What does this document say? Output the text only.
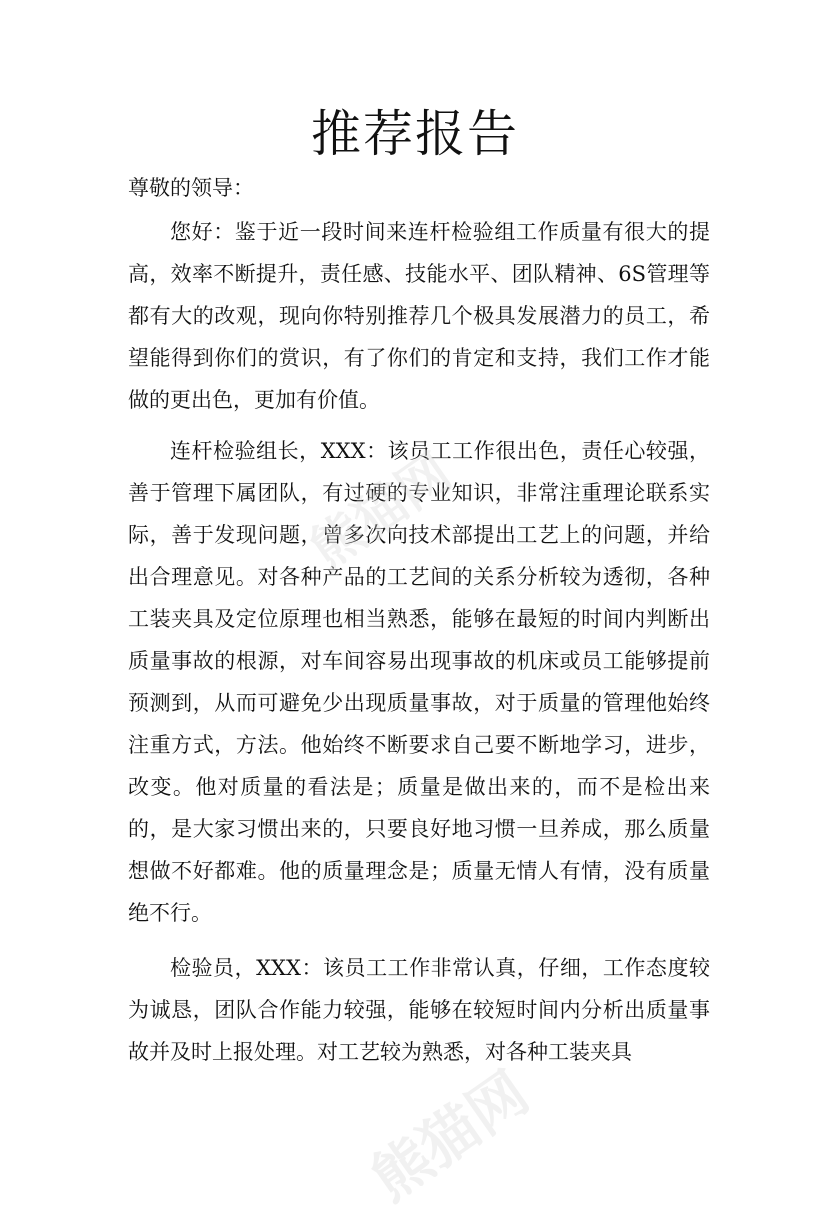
推荐报告

尊敬的领导：

您好：鉴于近一段时间来连杆检验组工作质量有很大的提高，效率不断提升，责任感、技能水平、团队精神、6S管理等都有大的改观，现向你特别推荐几个极具发展潜力的员工，希望能得到你们的赏识，有了你们的肯定和支持，我们工作才能做的更出色，更加有价值。

连杆检验组长，XXX：该员工工作很出色，责任心较强，善于管理下属团队，有过硬的专业知识，非常注重理论联系实际，善于发现问题，曾多次向技术部提出工艺上的问题，并给出合理意见。对各种产品的工艺间的关系分析较为透彻，各种工装夹具及定位原理也相当熟悉，能够在最短的时间内判断出质量事故的根源，对车间容易出现事故的机床或员工能够提前预测到，从而可避免少出现质量事故，对于质量的管理他始终注重方式，方法。他始终不断要求自己要不断地学习，进步，改变。他对质量的看法是；质量是做出来的，而不是检出来的，是大家习惯出来的，只要良好地习惯一旦养成，那么质量想做不好都难。他的质量理念是；质量无情人有情，没有质量绝不行。

检验员，XXX：该员工工作非常认真，仔细，工作态度较为诚恳，团队合作能力较强，能够在较短时间内分析出质量事故并及时上报处理。对工艺较为熟悉，对各种工装夹具

熊猫网
熊猫网
